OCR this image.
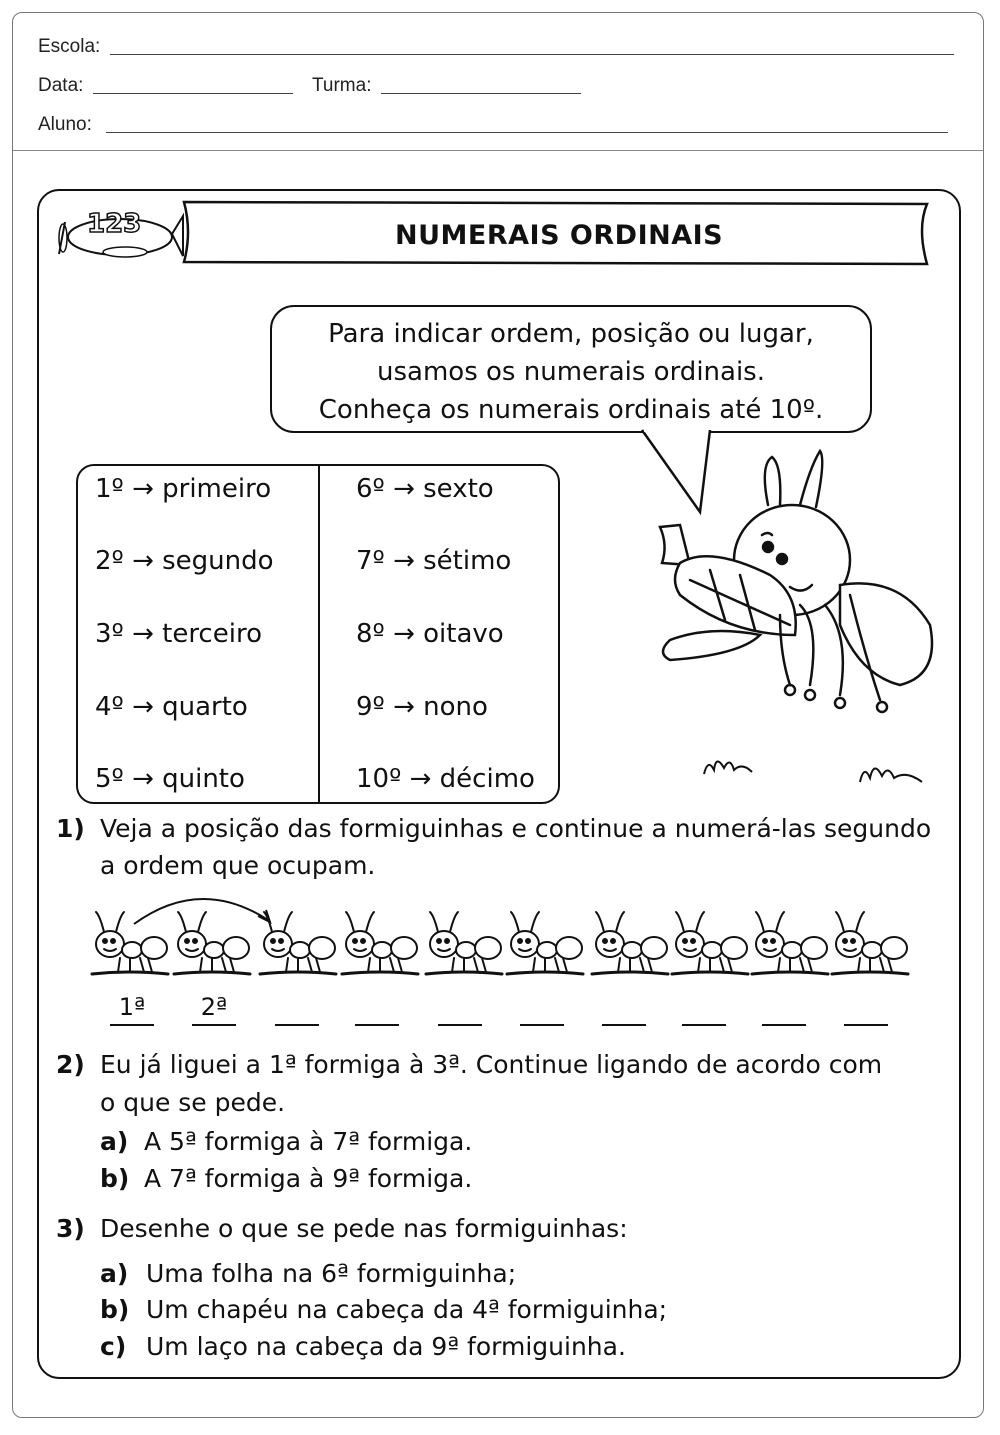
Escola:
Data:	Turma:
Aluno:
NUMERAIS ORDINAIS
123
Para indicar ordem, posição ou lugar,
usamos os numerais ordinais.
Conheça os numerais ordinais até 10º.
1º → primeiro
2º → segundo
3º → terceiro
4º → quarto
5º → quinto
6º → sexto
7º → sétimo
8º → oitavo
9º → nono
10º → décimo
1) Veja a posição das formiguinhas e continue a numerá-las segundo
a ordem que ocupam.
1ª	2ª
2) Eu já liguei a 1ª formiga à 3ª. Continue ligando de acordo com
o que se pede.
a) A 5ª formiga à 7ª formiga.
b) A 7ª formiga à 9ª formiga.
3) Desenhe o que se pede nas formiguinhas:
a) Uma folha na 6ª formiguinha;
b) Um chapéu na cabeça da 4ª formiguinha;
c) Um laço na cabeça da 9ª formiguinha.
